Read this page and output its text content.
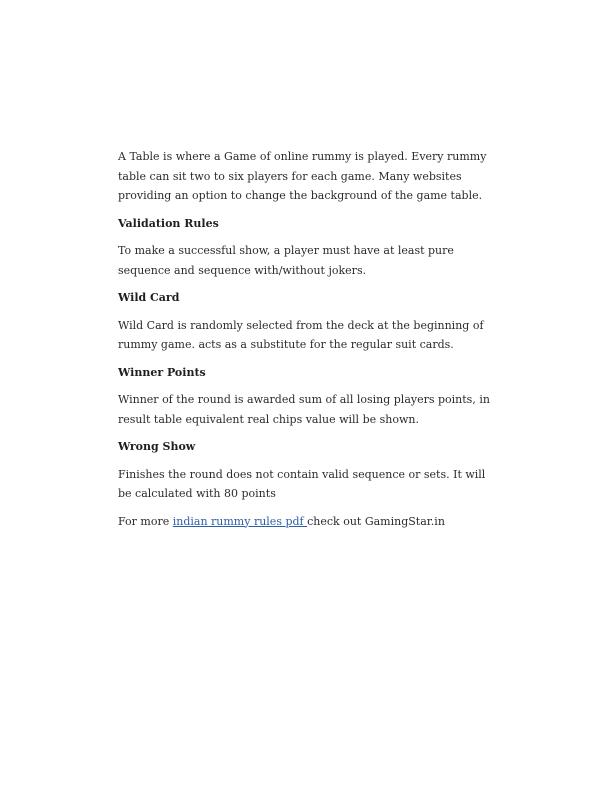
A Table is where a Game of online rummy is played. Every rummy table can sit two to six players for each game. Many websites providing an option to change the background of the game table.

Validation Rules

To make a successful show, a player must have at least pure sequence and sequence with/without jokers.

Wild Card

Wild Card is randomly selected from the deck at the beginning of rummy game. acts as a substitute for the regular suit cards.

Winner Points

Winner of the round is awarded sum of all losing players points, in result table equivalent real chips value will be shown.

Wrong Show

Finishes the round does not contain valid sequence or sets. It will be calculated with 80 points

For more indian rummy rules pdf check out GamingStar.in
